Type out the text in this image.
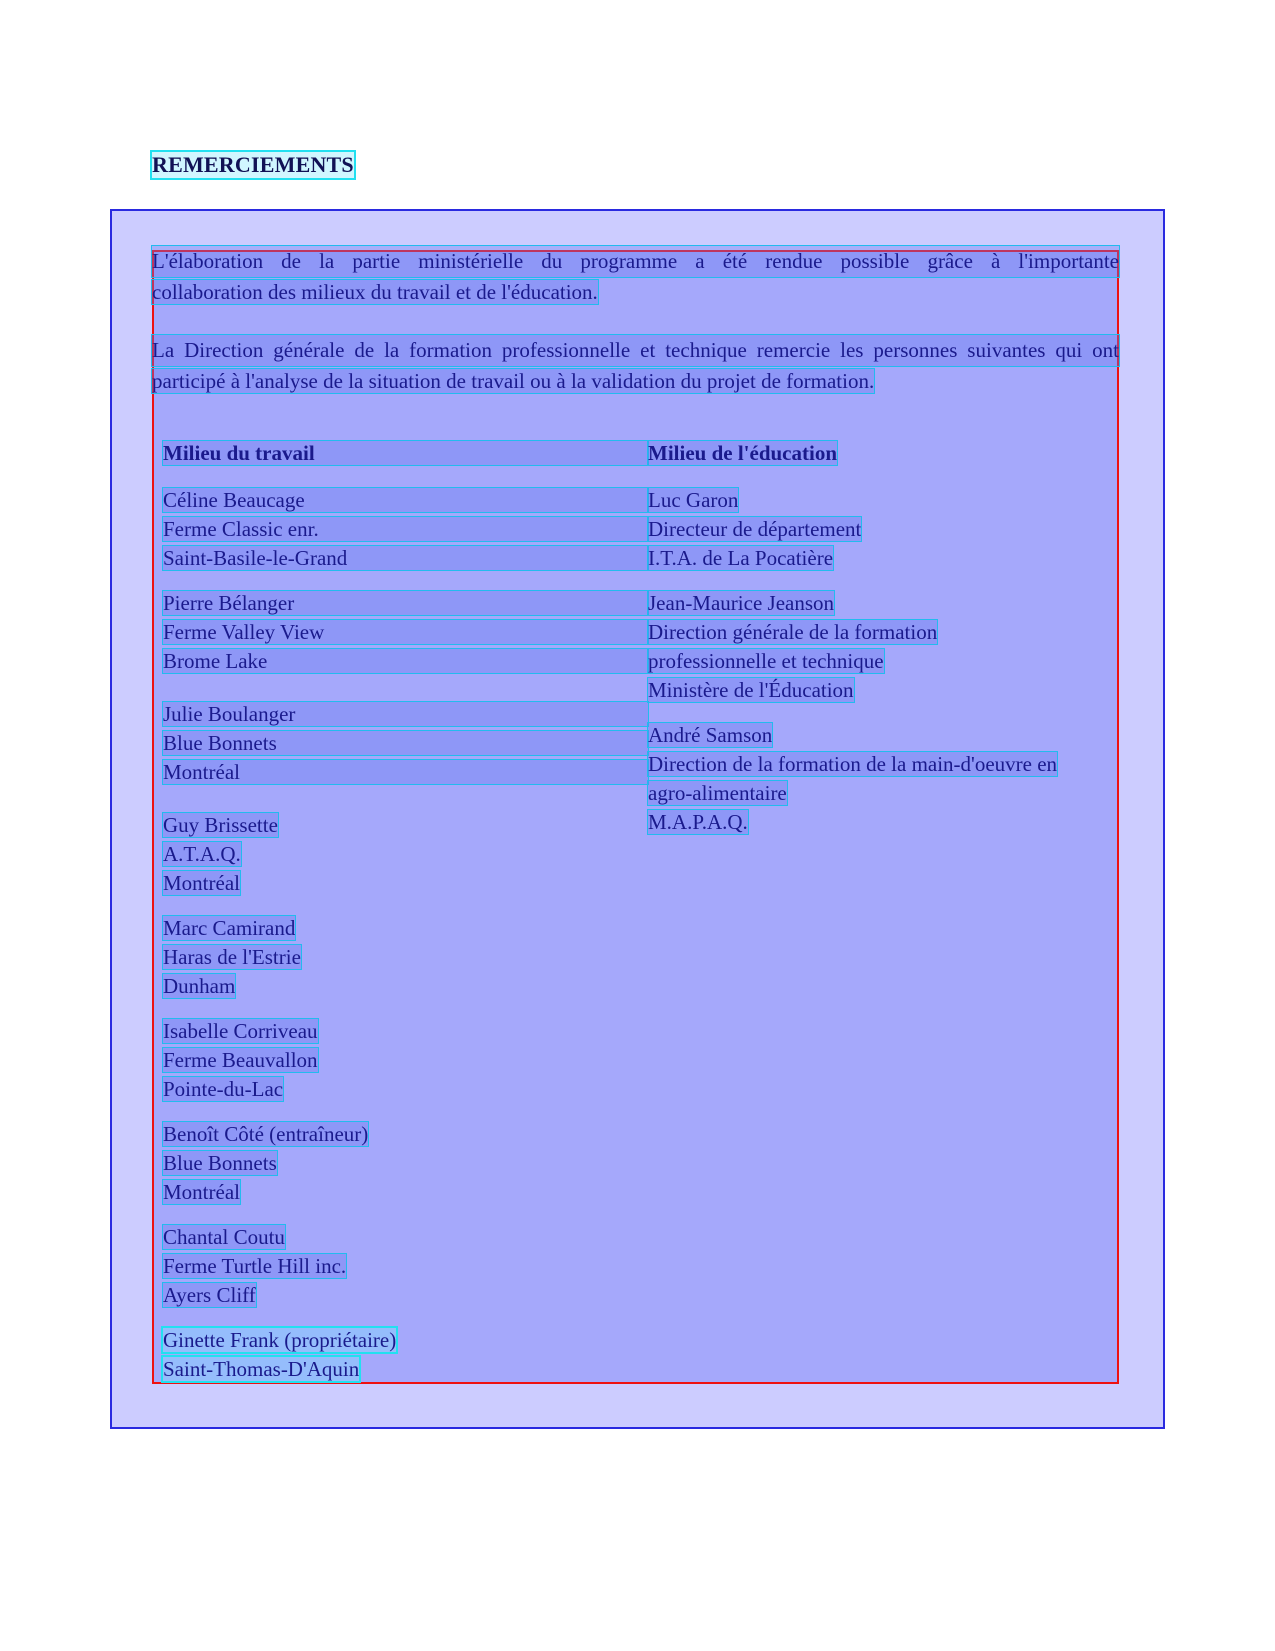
REMERCIEMENTS
L'élaboration de la partie ministérielle du programme a été rendue possible grâce à l'importante
collaboration des milieux du travail et de l'éducation.
La Direction générale de la formation professionnelle et technique remercie les personnes suivantes qui ont
participé à l'analyse de la situation de travail ou à la validation du projet de formation.
Milieu du travail
Céline Beaucage
Ferme Classic enr.
Saint-Basile-le-Grand
Pierre Bélanger
Ferme Valley View
Brome Lake
Julie Boulanger
Blue Bonnets
Montréal
Guy Brissette
A.T.A.Q.
Montréal
Marc Camirand
Haras de l'Estrie
Dunham
Isabelle Corriveau
Ferme Beauvallon
Pointe-du-Lac
Benoît Côté (entraîneur)
Blue Bonnets
Montréal
Chantal Coutu
Ferme Turtle Hill inc.
Ayers Cliff
Ginette Frank (propriétaire)
Saint-Thomas-D'Aquin
Milieu de l'éducation
Luc Garon
Directeur de département
I.T.A. de La Pocatière
Jean-Maurice Jeanson
Direction générale de la formation
professionnelle et technique
Ministère de l'Éducation
André Samson
Direction de la formation de la main-d'oeuvre en
agro-alimentaire
M.A.P.A.Q.
